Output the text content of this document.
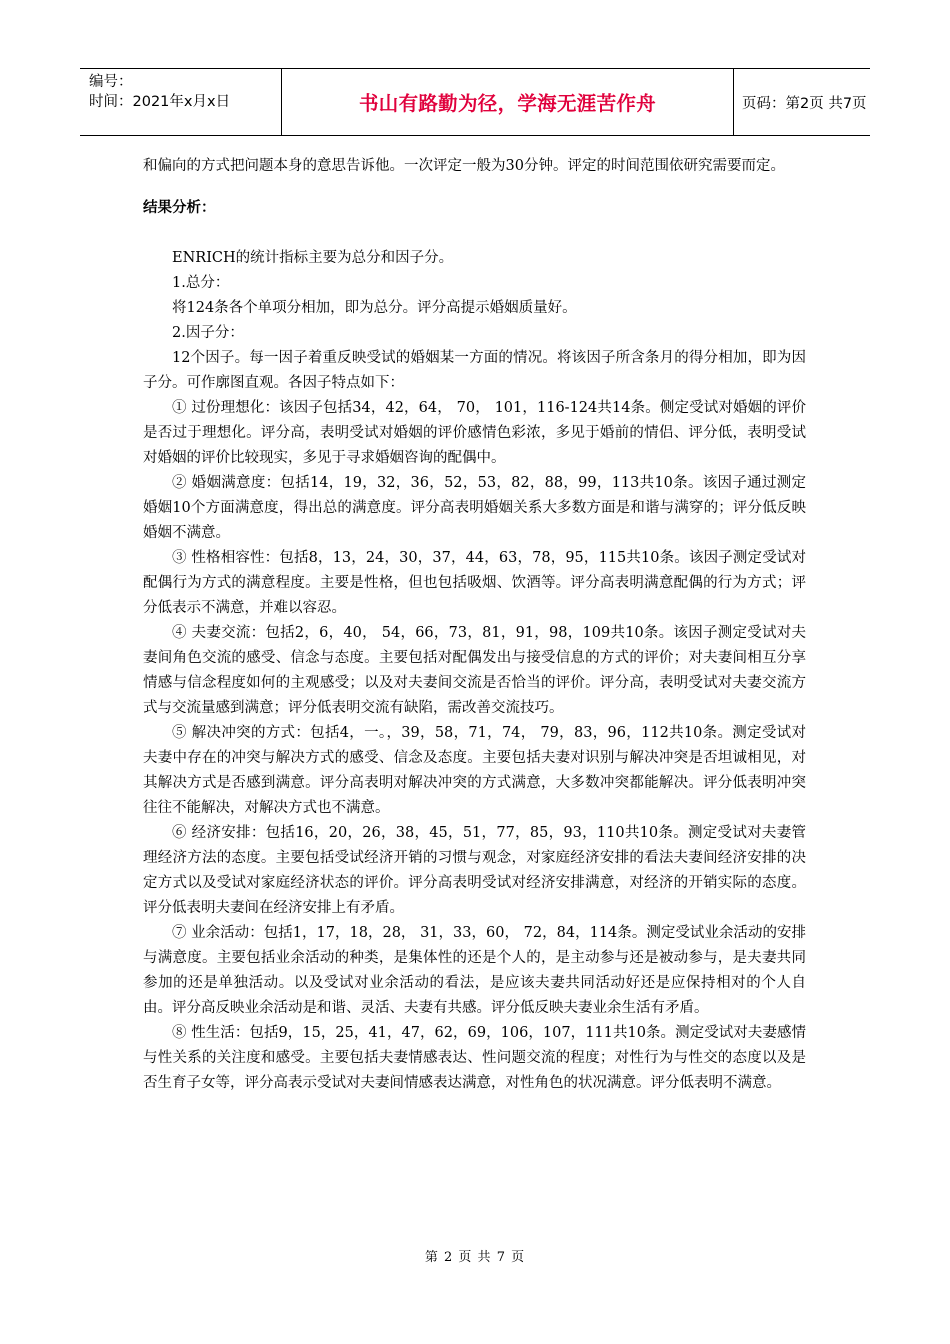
编号：
时间：2021年x月x日	书山有路勤为径，学海无涯苦作舟	页码：第2页 共7页

和偏向的方式把问题本身的意思告诉他。一次评定一般为30分钟。评定的时间范围依研究需要而定。

结果分析：

ENRICH的统计指标主要为总分和因子分。

1.总分：

将124条各个单项分相加，即为总分。评分高提示婚姻质量好。

2.因子分：

12个因子。每一因子着重反映受试的婚姻某一方面的情况。将该因子所含条月的得分相加，即为因子分。可作廓图直观。各因子特点如下：

① 过份理想化：该因子包括34，42，64， 70， 101，116-124共14条。侧定受试对婚姻的评价是否过于理想化。评分高，表明受试对婚姻的评价感情色彩浓，多见于婚前的情侣、评分低，表明受试对婚姻的评价比较现实，多见于寻求婚姻咨询的配偶中。

② 婚姻满意度：包括14，19，32，36，52，53，82，88，99，113共10条。该因子通过测定婚姻10个方面满意度，得出总的满意度。评分高表明婚姻关系大多数方面是和谐与满穿的；评分低反映婚姻不满意。

③ 性格相容性：包括8，13，24，30，37，44，63，78，95，115共10条。该因子测定受试对配偶行为方式的满意程度。主要是性格，但也包括吸烟、饮酒等。评分高表明满意配偶的行为方式；评分低表示不满意，并难以容忍。

④ 夫妻交流：包括2，6，40， 54，66，73，81，91，98，109共10条。该因子测定受试对夫妻间角色交流的感受、信念与态度。主要包括对配偶发出与接受信息的方式的评价；对夫妻间相互分享情感与信念程度如何的主观感受；以及对夫妻间交流是否恰当的评价。评分高，表明受试对夫妻交流方式与交流量感到满意；评分低表明交流有缺陷，需改善交流技巧。

⑤ 解决冲突的方式：包括4，一。，39，58，71，74， 79，83，96，112共10条。测定受试对夫妻中存在的冲突与解决方式的感受、信念及态度。主要包括夫妻对识别与解决冲突是否坦诚相见，对其解决方式是否感到满意。评分高表明对解决冲突的方式满意，大多数冲突都能解决。评分低表明冲突往往不能解决，对解决方式也不满意。

⑥ 经济安排：包括16，20，26，38，45，51，77，85，93，110共10条。测定受试对夫妻管理经济方法的态度。主要包括受试经济开销的习惯与观念，对家庭经济安排的看法夫妻间经济安排的决定方式以及受试对家庭经济状态的评价。评分高表明受试对经济安排满意，对经济的开销实际的态度。评分低表明夫妻间在经济安排上有矛盾。

⑦ 业余活动：包括1，17，18，28， 31，33，60， 72，84，114条。测定受试业余活动的安排与满意度。主要包括业余活动的种类，是集体性的还是个人的，是主动参与还是被动参与，是夫妻共同参加的还是单独活动。以及受试对业余活动的看法，是应该夫妻共同活动好还是应保持相对的个人自由。评分高反映业余活动是和谐、灵活、夫妻有共感。评分低反映夫妻业余生活有矛盾。

⑧ 性生活：包括9，15，25，41，47，62，69，106，107，111共10条。测定受试对夫妻感情与性关系的关注度和感受。主要包括夫妻情感表达、性问题交流的程度；对性行为与性交的态度以及是否生育子女等，评分高表示受试对夫妻间情感表达满意，对性角色的状况满意。评分低表明不满意。

第 2 页 共 7 页
